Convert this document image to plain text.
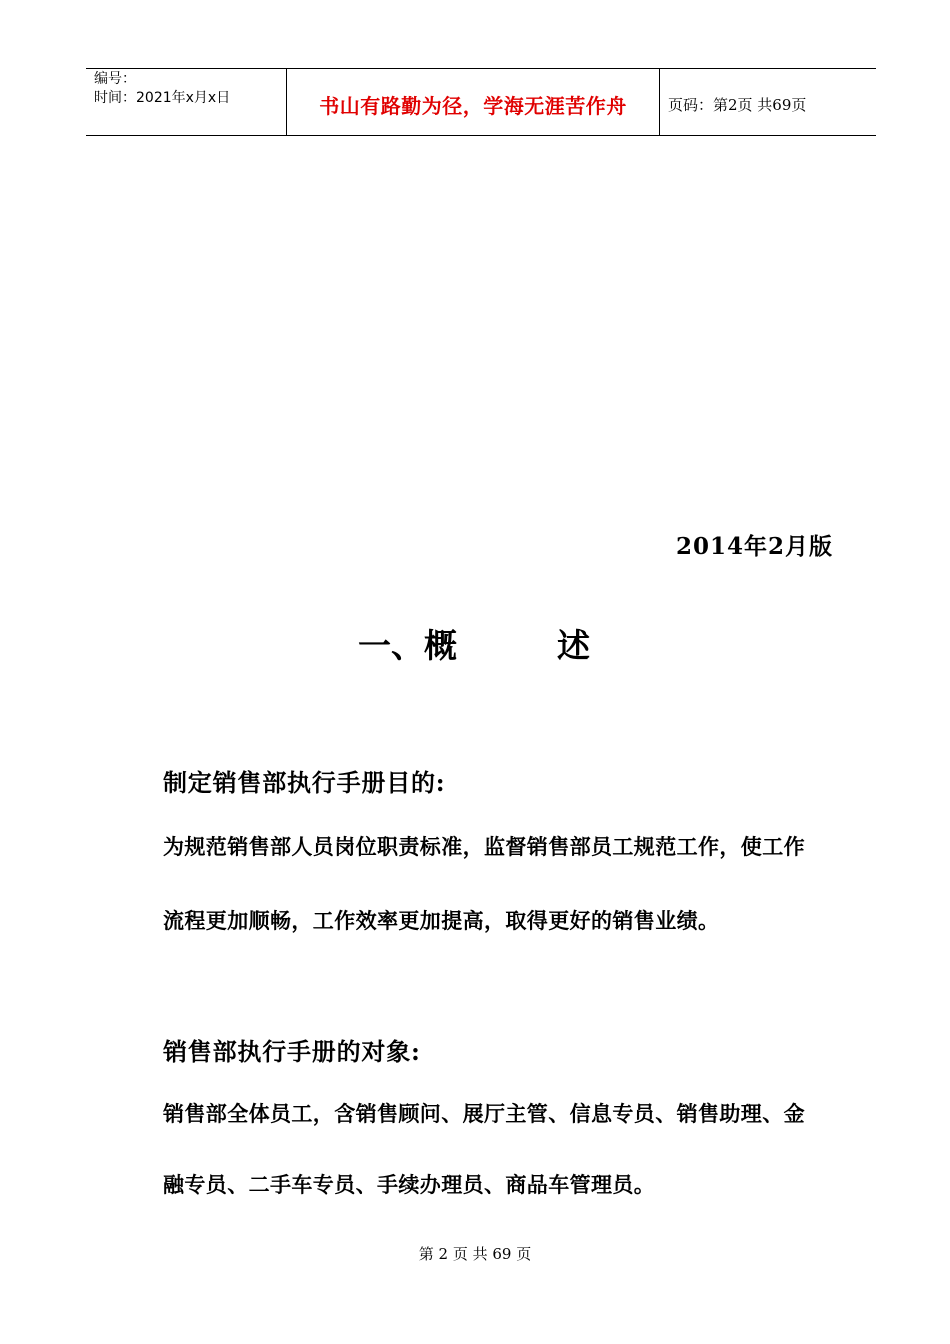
编号：
时间：2021年x月x日	书山有路勤为径，学海无涯苦作舟	页码：第2页 共69页
2014年2月版
一、概	述
制定销售部执行手册目的:
为规范销售部人员岗位职责标准，监督销售部员工规范工作，使工作
流程更加顺畅，工作效率更加提高，取得更好的销售业绩。
销售部执行手册的对象:
销售部全体员工，含销售顾问、展厅主管、信息专员、销售助理、金
融专员、二手车专员、手续办理员、商品车管理员。
第 2 页 共 69 页
